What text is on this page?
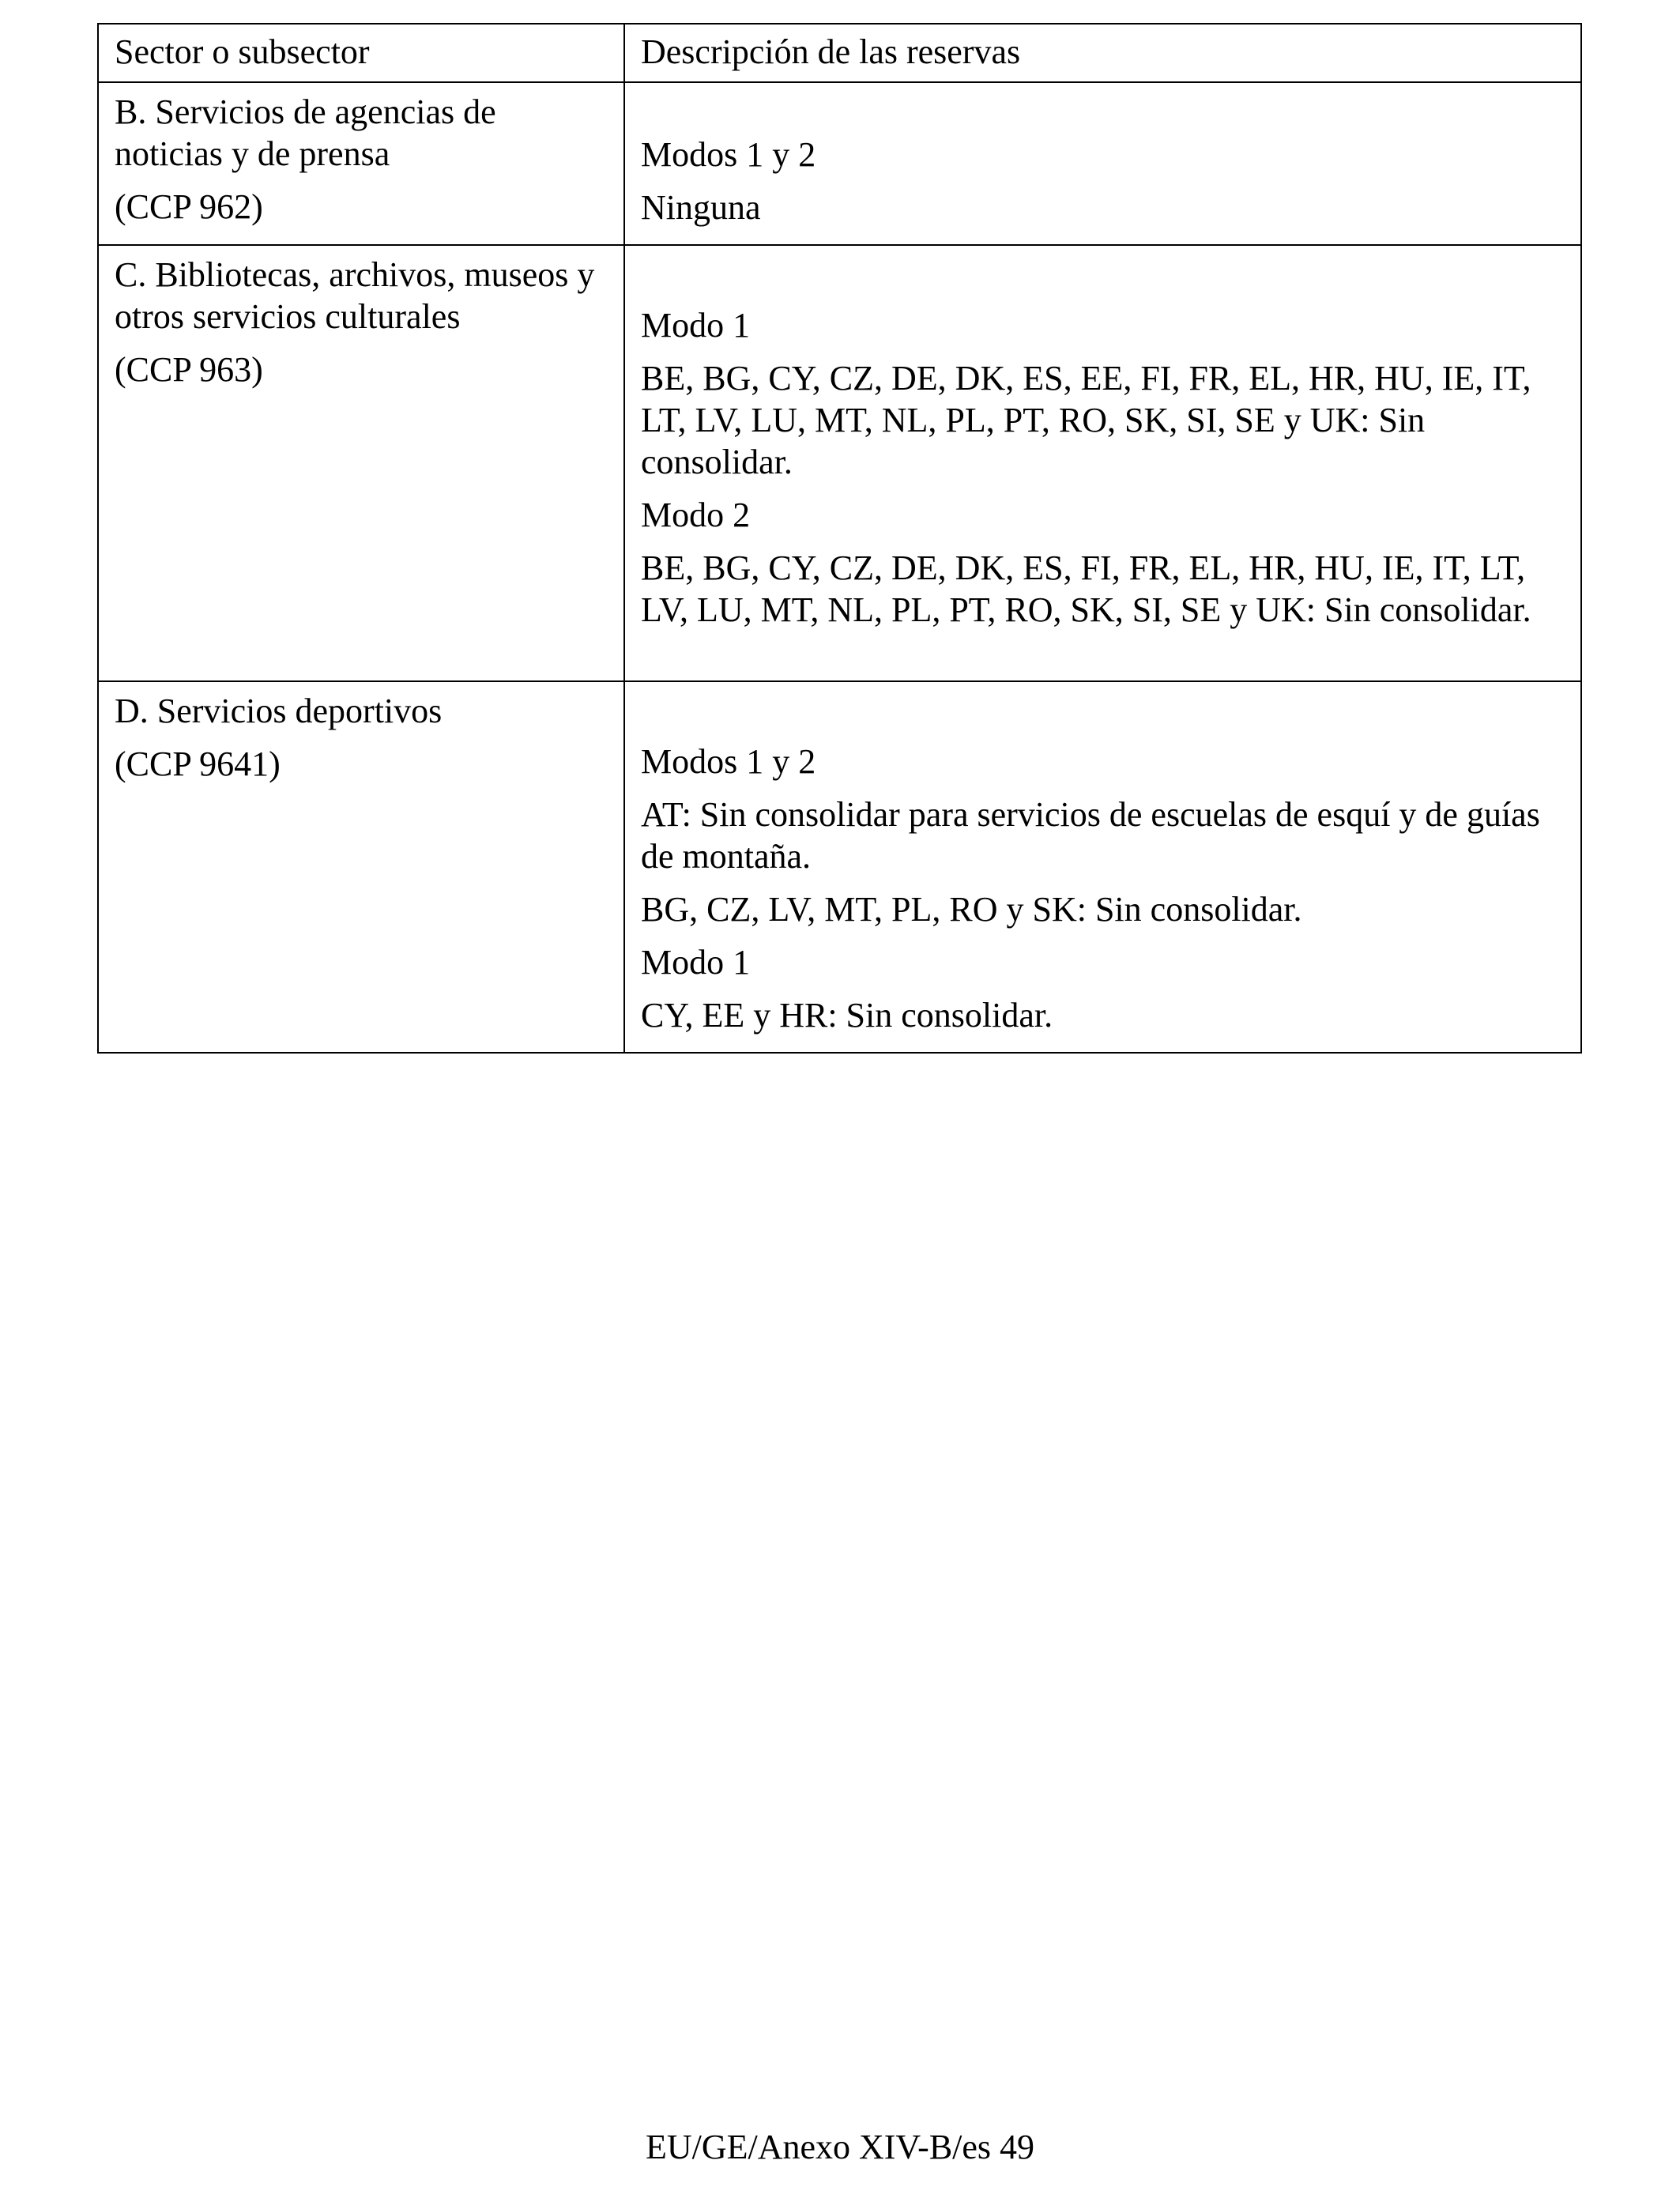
Sector o subsector	Descripción de las reservas

B. Servicios de agencias de noticias y de prensa
(CCP 962)	Modos 1 y 2
Ninguna

C. Bibliotecas, archivos, museos y otros servicios culturales
(CCP 963)	Modo 1
BE, BG, CY, CZ, DE, DK, ES, EE, FI, FR, EL, HR, HU, IE, IT, LT, LV, LU, MT, NL, PL, PT, RO, SK, SI, SE y UK: Sin consolidar.
Modo 2
BE, BG, CY, CZ, DE, DK, ES, FI, FR, EL, HR, HU, IE, IT, LT, LV, LU, MT, NL, PL, PT, RO, SK, SI, SE y UK: Sin consolidar.

D. Servicios deportivos
(CCP 9641)	Modos 1 y 2
AT: Sin consolidar para servicios de escuelas de esquí y de guías de montaña.
BG, CZ, LV, MT, PL, RO y SK: Sin consolidar.
Modo 1
CY, EE y HR: Sin consolidar.
EU/GE/Anexo XIV-B/es 49
